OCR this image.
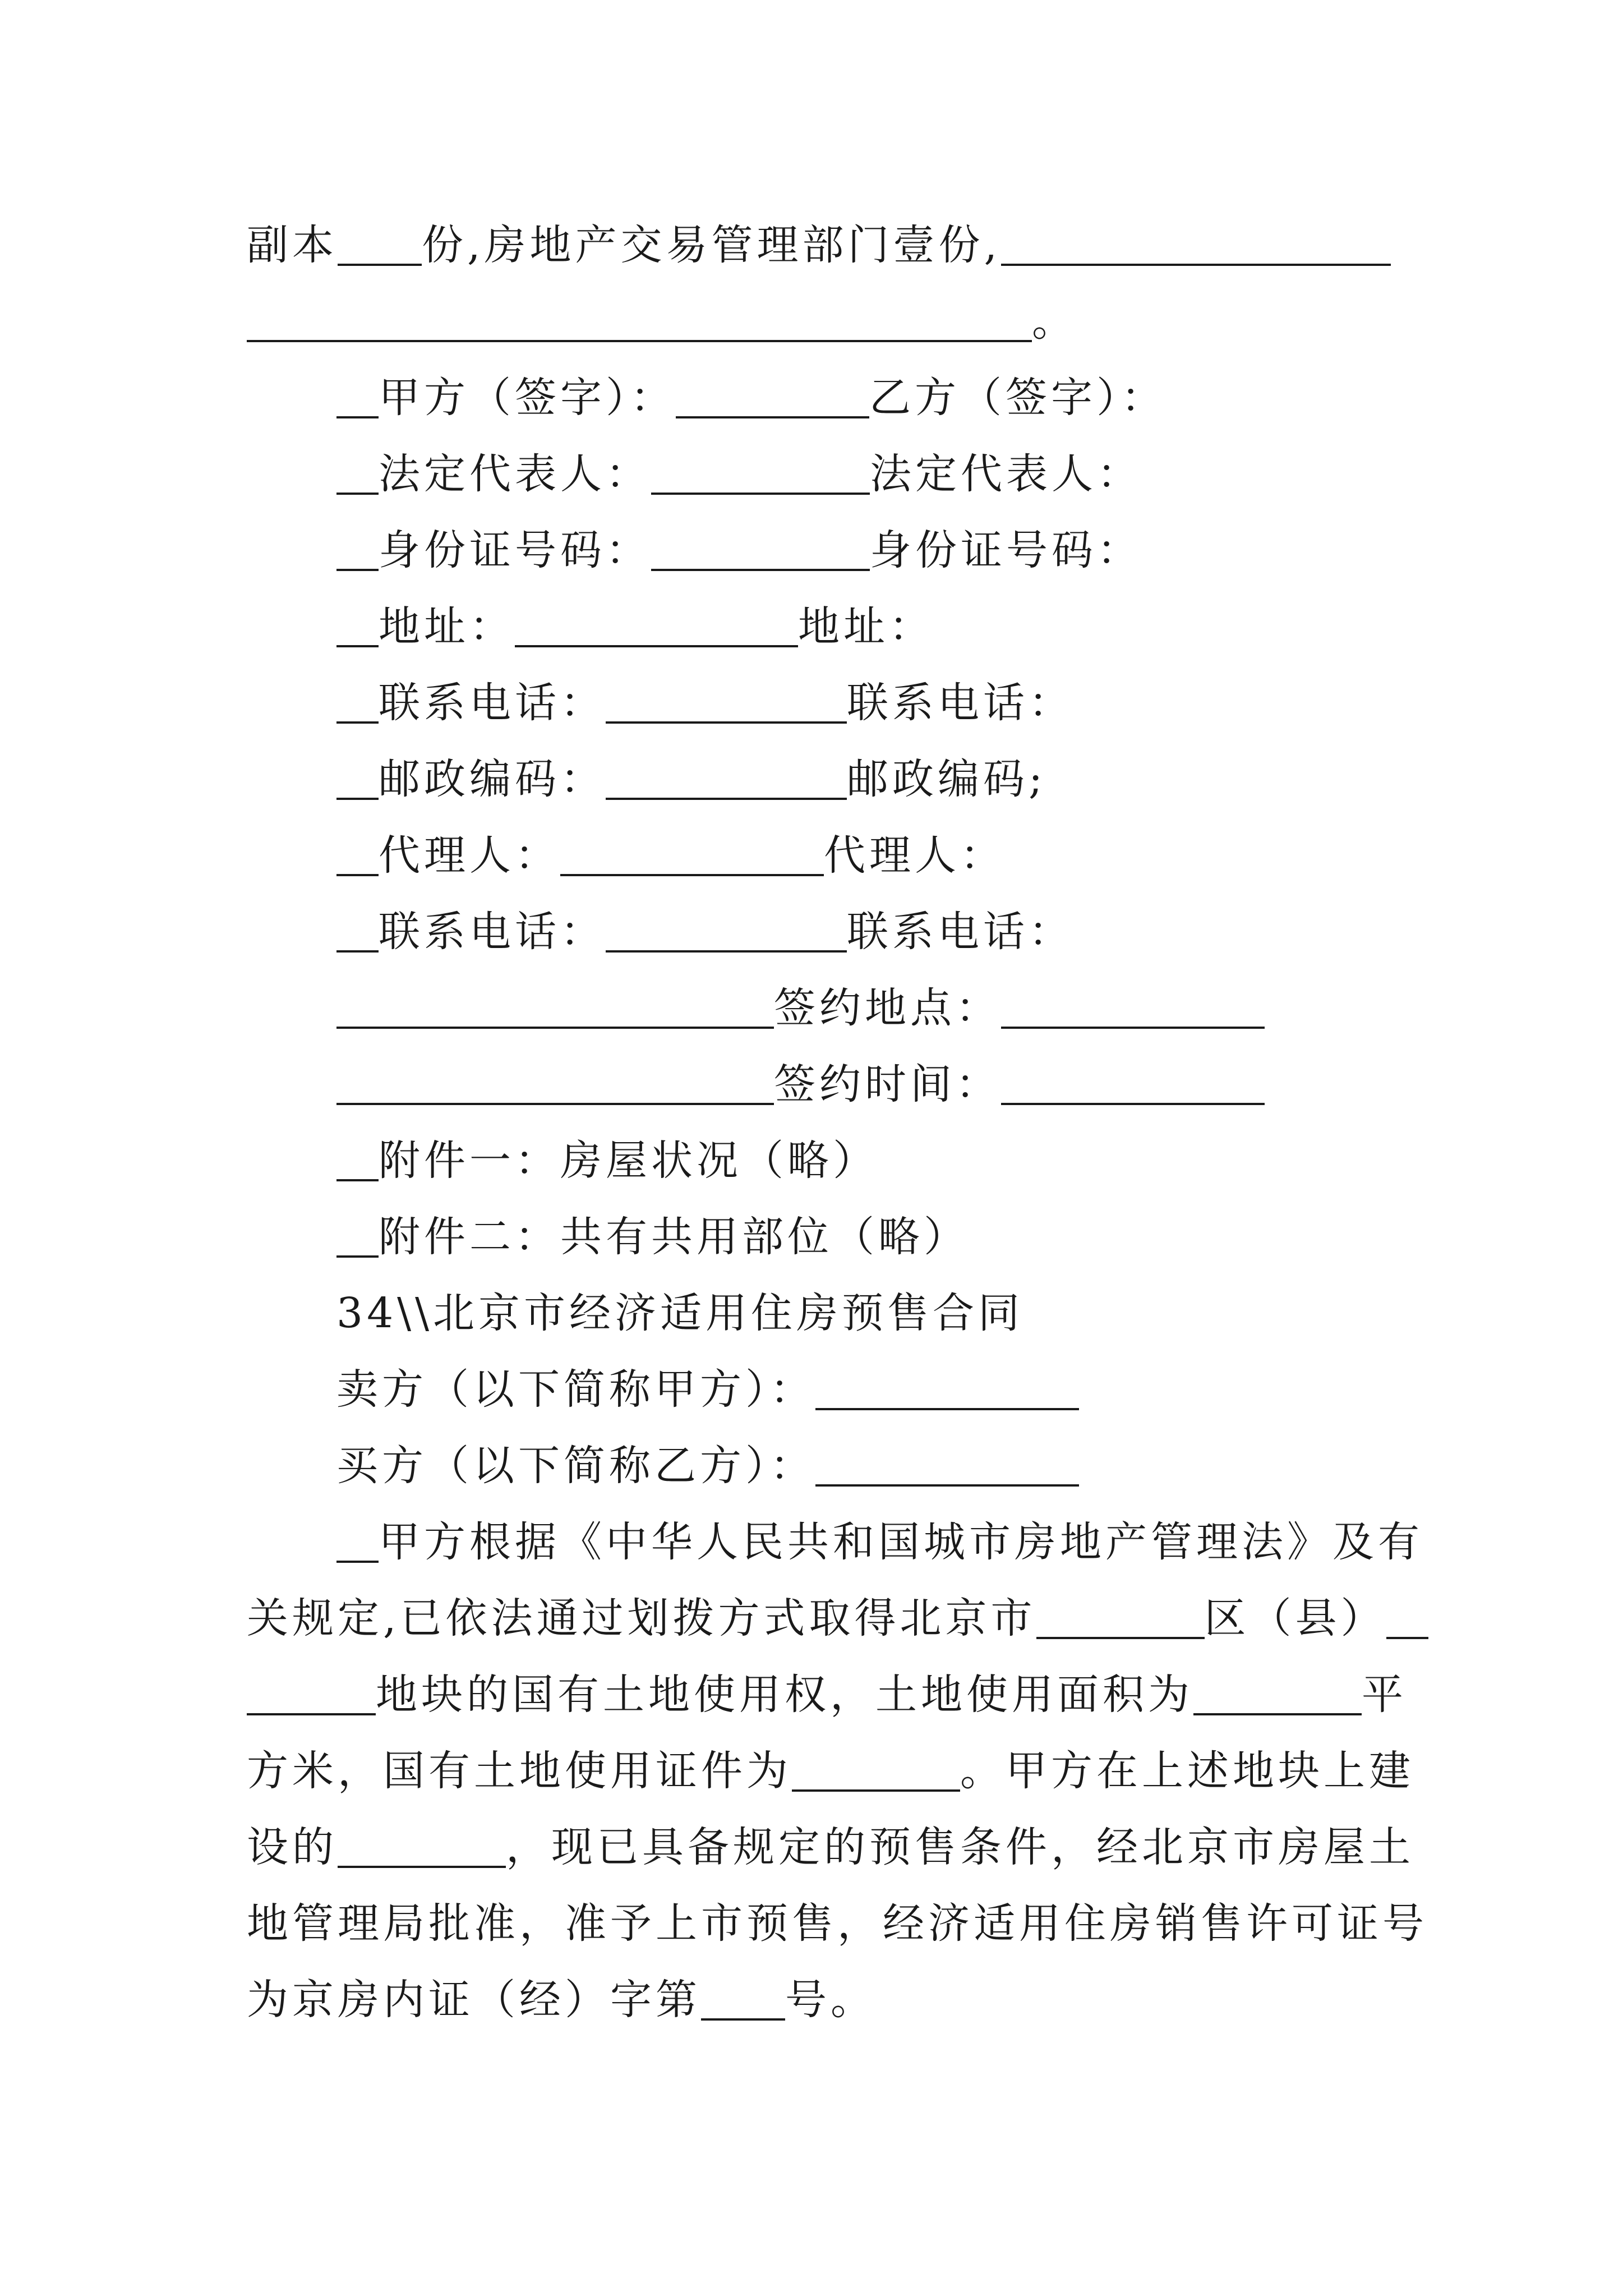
副本 份,房地产交易管理部门壹份,
。
甲方（签字）：	乙方（签字）：
法定代表人：	法定代表人：
身份证号码：	身份证号码：
地址：	地址：
联系电话：	联系电话：
邮政编码：	邮政编码;
代理人：	代理人：
联系电话：	联系电话：
签约地点：
签约时间：
附件一：房屋状况（略）
附件二：共有共用部位（略）
34\\北京市经济适用住房预售合同
卖方（以下简称甲方）：
买方（以下简称乙方）：
甲方根据《中华人民共和国城市房地产管理法》及有
关规定,已依法通过划拨方式取得北京市	区（县）
地块的国有土地使用权，土地使用面积为	平
方米，国有土地使用证件为	。甲方在上述地块上建
设的	，现已具备规定的预售条件，经北京市房屋土
地管理局批准，准予上市预售，经济适用住房销售许可证号
为京房内证（经）字第 号。
